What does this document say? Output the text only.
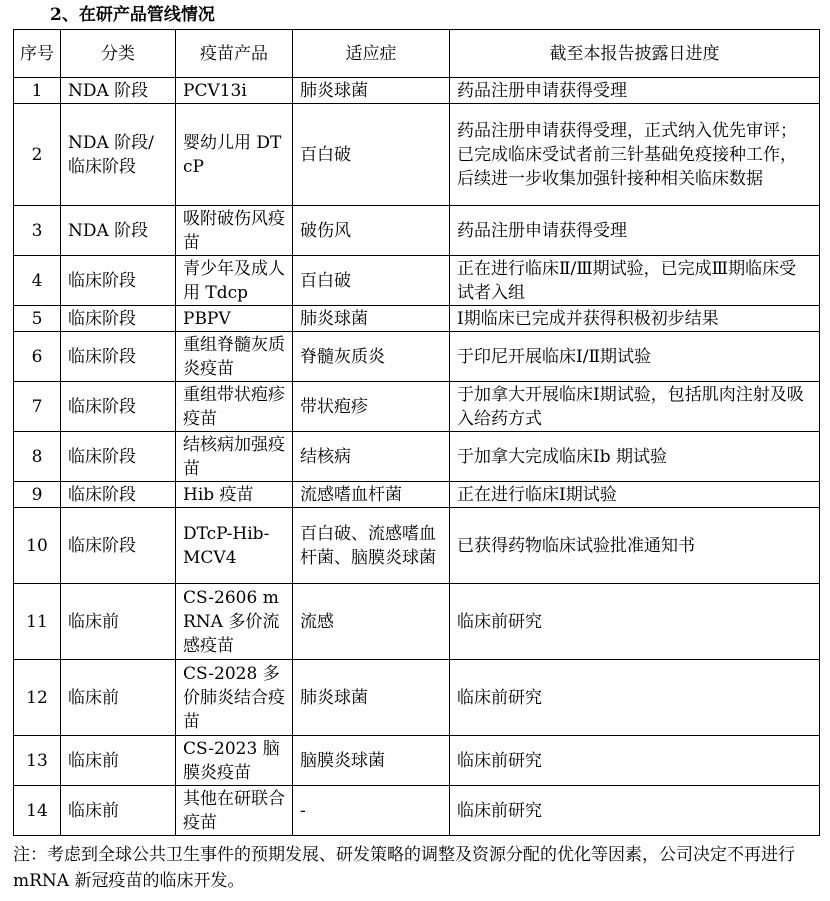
2、在研产品管线情况
序号	分类	疫苗产品	适应症	截至本报告披露日进度
1	NDA 阶段	PCV13i	肺炎球菌	药品注册申请获得受理
2	NDA 阶段/临床阶段	婴幼儿用 DTcP	百白破	药品注册申请获得受理，正式纳入优先审评；已完成临床受试者前三针基础免疫接种工作，后续进一步收集加强针接种相关临床数据
3	NDA 阶段	吸附破伤风疫苗	破伤风	药品注册申请获得受理
4	临床阶段	青少年及成人用 Tdcp	百白破	正在进行临床Ⅱ/Ⅲ期试验，已完成Ⅲ期临床受试者入组
5	临床阶段	PBPV	肺炎球菌	Ⅰ期临床已完成并获得积极初步结果
6	临床阶段	重组脊髓灰质炎疫苗	脊髓灰质炎	于印尼开展临床Ⅰ/Ⅱ期试验
7	临床阶段	重组带状疱疹疫苗	带状疱疹	于加拿大开展临床Ⅰ期试验，包括肌肉注射及吸入给药方式
8	临床阶段	结核病加强疫苗	结核病	于加拿大完成临床Ⅰb 期试验
9	临床阶段	Hib 疫苗	流感嗜血杆菌	正在进行临床Ⅰ期试验
10	临床阶段	DTcP-Hib-MCV4	百白破、流感嗜血杆菌、脑膜炎球菌	已获得药物临床试验批准通知书
11	临床前	CS-2606 mRNA 多价流感疫苗	流感	临床前研究
12	临床前	CS-2028 多价肺炎结合疫苗	肺炎球菌	临床前研究
13	临床前	CS-2023 脑膜炎疫苗	脑膜炎球菌	临床前研究
14	临床前	其他在研联合疫苗	-	临床前研究
注：考虑到全球公共卫生事件的预期发展、研发策略的调整及资源分配的优化等因素，公司决定不再进行 mRNA 新冠疫苗的临床开发。
